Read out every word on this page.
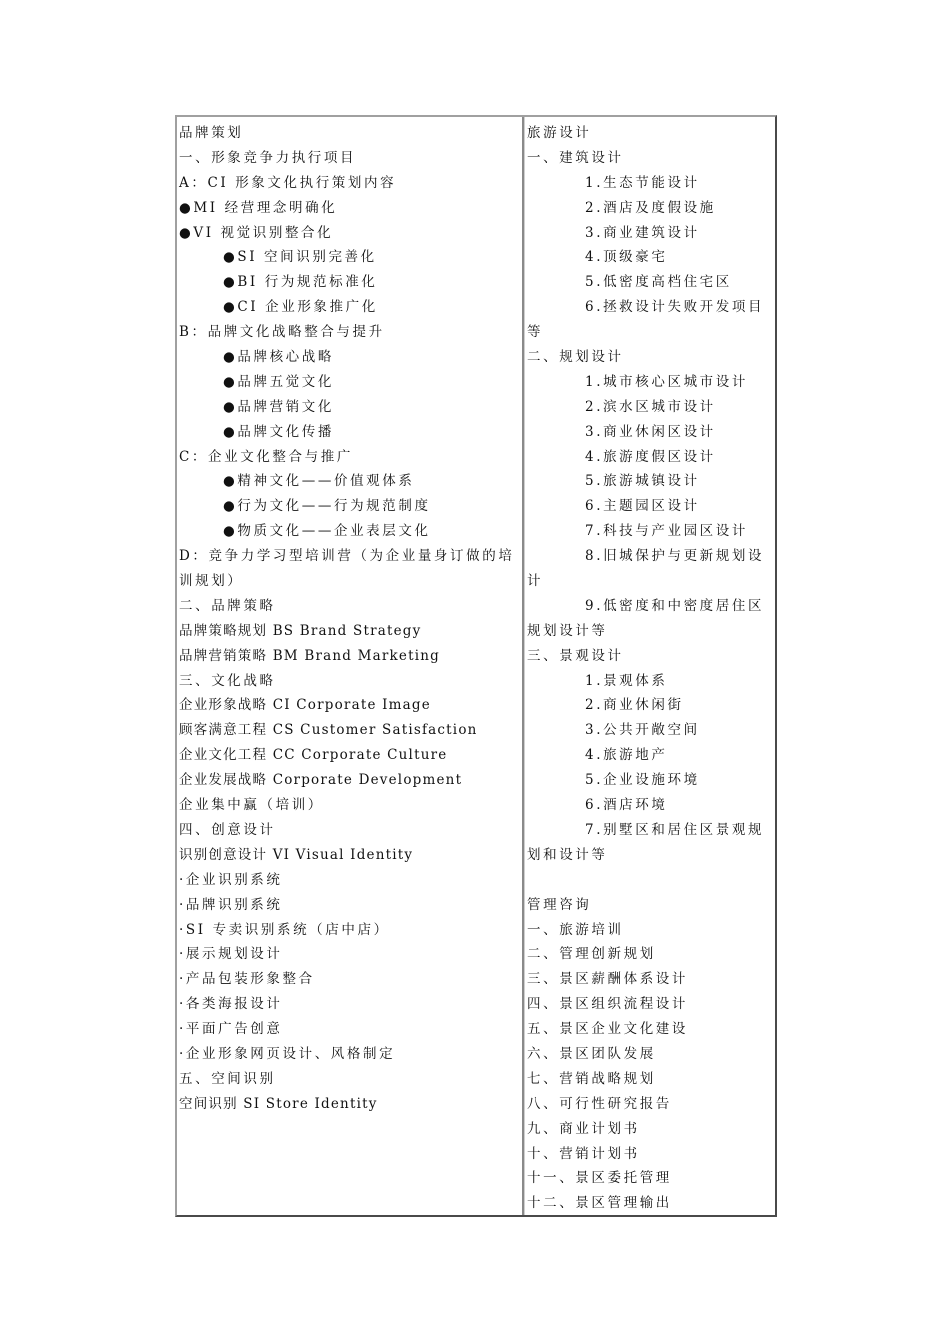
品牌策划
一、形象竞争力执行项目
A：CI 形象文化执行策划内容
●MI 经营理念明确化
●VI 视觉识别整合化
●SI 空间识别完善化
●BI 行为规范标准化
●CI 企业形象推广化
B：品牌文化战略整合与提升
●品牌核心战略
●品牌五觉文化
●品牌营销文化
●品牌文化传播
C：企业文化整合与推广
●精神文化——价值观体系
●行为文化——行为规范制度
●物质文化——企业表层文化
D：竞争力学习型培训营（为企业量身订做的培
训规划）
二、品牌策略
品牌策略规划 BS Brand Strategy
品牌营销策略 BM Brand Marketing
三、文化战略
企业形象战略 CI Corporate Image
顾客满意工程 CS Customer Satisfaction
企业文化工程 CC Corporate Culture
企业发展战略 Corporate Development
企业集中赢（培训）
四、创意设计
识别创意设计 VI Visual Identity
·企业识别系统
·品牌识别系统
·SI 专卖识别系统（店中店）
·展示规划设计
·产品包装形象整合
·各类海报设计
·平面广告创意
·企业形象网页设计、风格制定
五、空间识别
空间识别 SI Store Identity
旅游设计
一、建筑设计
1.生态节能设计
2.酒店及度假设施
3.商业建筑设计
4.顶级豪宅
5.低密度高档住宅区
6.拯救设计失败开发项目
等
二、规划设计
1.城市核心区城市设计
2.滨水区城市设计
3.商业休闲区设计
4.旅游度假区设计
5.旅游城镇设计
6.主题园区设计
7.科技与产业园区设计
8.旧城保护与更新规划设
计
9.低密度和中密度居住区
规划设计等
三、景观设计
1.景观体系
2.商业休闲街
3.公共开敞空间
4.旅游地产
5.企业设施环境
6.酒店环境
7.别墅区和居住区景观规
划和设计等
管理咨询
一、旅游培训
二、管理创新规划
三、景区薪酬体系设计
四、景区组织流程设计
五、景区企业文化建设
六、景区团队发展
七、营销战略规划
八、可行性研究报告
九、商业计划书
十、营销计划书
十一、景区委托管理
十二、景区管理输出
